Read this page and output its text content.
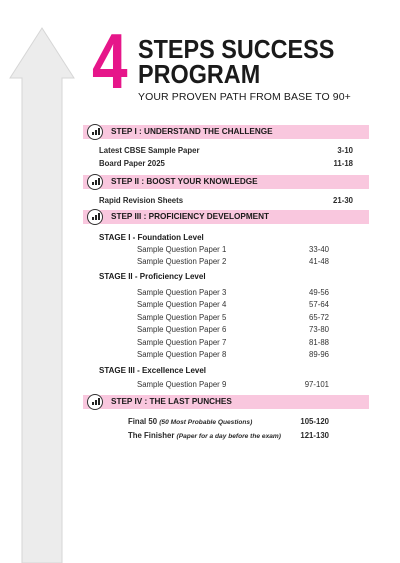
4 STEPS SUCCESS
PROGRAM
YOUR PROVEN PATH FROM BASE TO 90+
STEP I : UNDERSTAND THE CHALLENGE
Latest CBSE Sample Paper	3-10
Board Paper 2025	11-18
STEP II : BOOST YOUR KNOWLEDGE
Rapid Revision Sheets	21-30
STEP III : PROFICIENCY DEVELOPMENT
STAGE I - Foundation Level
Sample Question Paper 1	33-40
Sample Question Paper 2	41-48
STAGE II - Proficiency Level
Sample Question Paper 3	49-56
Sample Question Paper 4	57-64
Sample Question Paper 5	65-72
Sample Question Paper 6	73-80
Sample Question Paper 7	81-88
Sample Question Paper 8	89-96
STAGE III - Excellence Level
Sample Question Paper 9	97-101
STEP IV : THE LAST PUNCHES
Final 50 (50 Most Probable Questions)	105-120
The Finisher (Paper for a day before the exam) 121-130
